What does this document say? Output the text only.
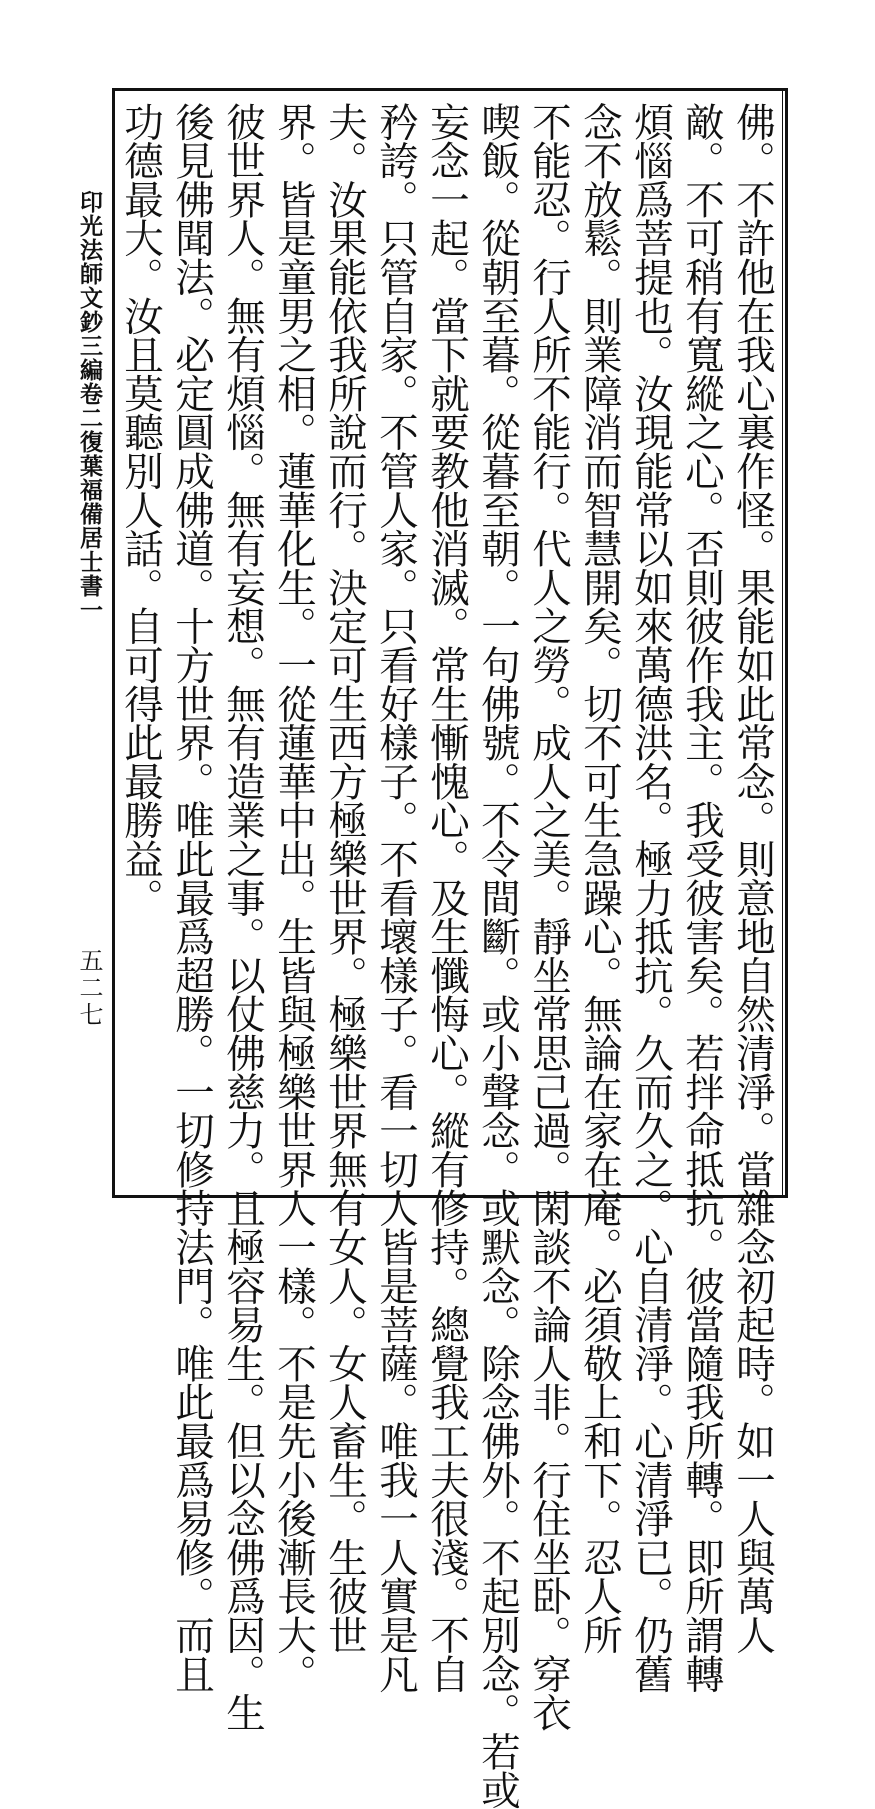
印光法師文鈔三編卷二
復葉福備居士書一
五二七	佛。不許他在我心裏作怪。果能如此常念。則意地自然清淨。當雜念初起時。如一人與萬人
敵。不可稍有寬縱之心。否則彼作我主。我受彼害矣。若拌命抵抗。彼當隨我所轉。即所謂轉
煩惱爲菩提也。汝現能常以如來萬德洪名。極力抵抗。久而久之。心自清淨。心清淨已。仍舊
念不放鬆。則業障消而智慧開矣。切不可生急躁心。無論在家在庵。必須敬上和下。忍人所
不能忍。行人所不能行。代人之勞。成人之美。靜坐常思己過。閑談不論人非。行住坐卧。穿衣
喫飯。從朝至暮。從暮至朝。一句佛號。不令間斷。或小聲念。或默念。除念佛外。不起別念。若或
妄念一起。當下就要教他消滅。常生慚愧心。及生懺悔心。縱有修持。總覺我工夫很淺。不自
矜誇。只管自家。不管人家。只看好樣子。不看壞樣子。看一切人皆是菩薩。唯我一人實是凡
夫。汝果能依我所說而行。決定可生西方極樂世界。極樂世界無有女人。女人畜生。生彼世
界。皆是童男之相。蓮華化生。一從蓮華中出。生皆與極樂世界人一樣。不是先小後漸長大。
彼世界人。無有煩惱。無有妄想。無有造業之事。以仗佛慈力。且極容易生。但以念佛爲因。生
後見佛聞法。必定圓成佛道。十方世界。唯此最爲超勝。一切修持法門。唯此最爲易修。而且
功德最大。汝且莫聽別人話。自可得此最勝益。
